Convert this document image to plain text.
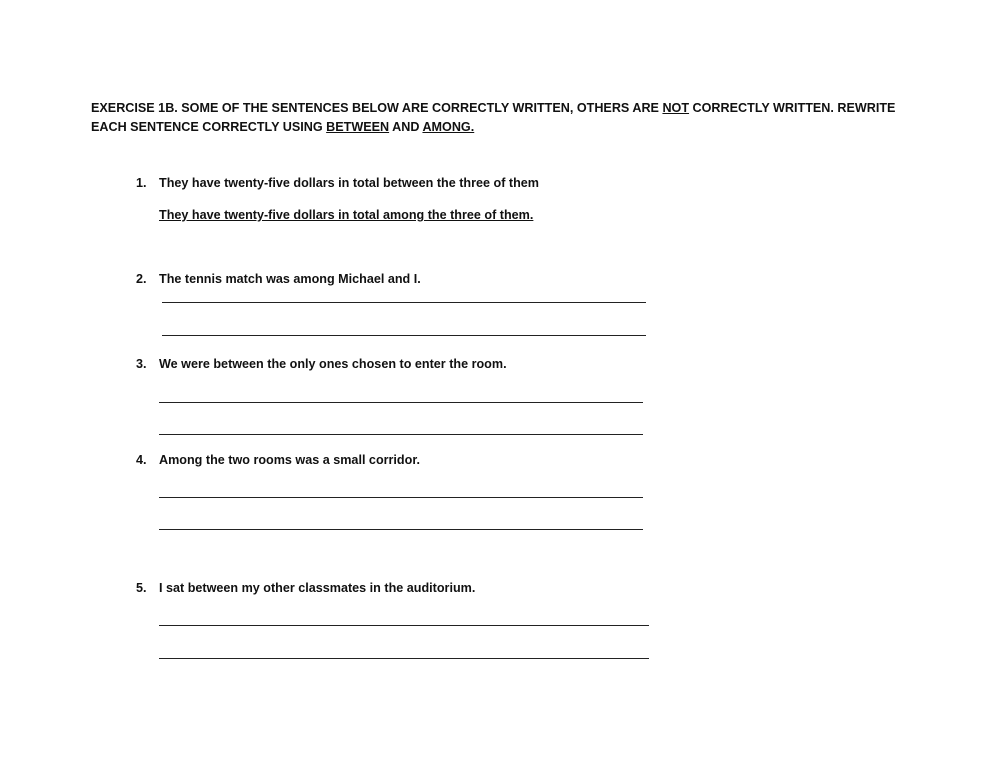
EXERCISE 1B. SOME OF THE SENTENCES BELOW ARE CORRECTLY WRITTEN, OTHERS ARE NOT CORRECTLY WRITTEN. REWRITE EACH SENTENCE CORRECTLY USING BETWEEN AND AMONG.
1. They have twenty-five dollars in total between the three of them
They have twenty-five dollars in total among the three of them.
2. The tennis match was among Michael and I.
3. We were between the only ones chosen to enter the room.
4. Among the two rooms was a small corridor.
5. I sat between my other classmates in the auditorium.
